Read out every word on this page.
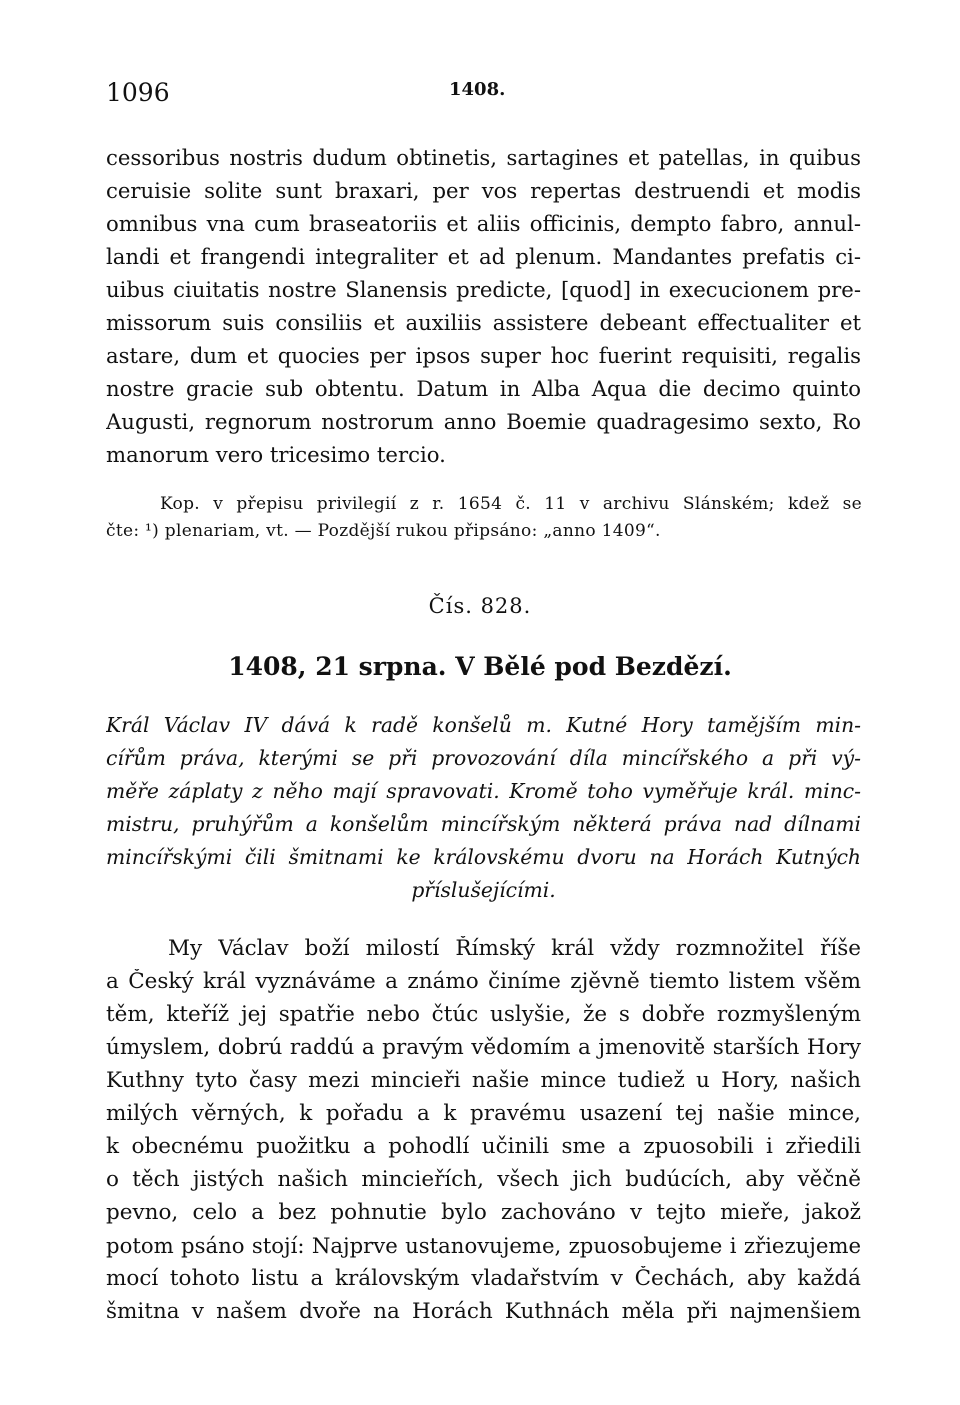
1096	1408.
cessoribus nostris dudum obtinetis, sartagines et patellas, in quibus
ceruisie solite sunt braxari, per vos repertas destruendi et modis
omnibus vna cum braseatoriis et aliis officinis, dempto fabro, annul-
landi et frangendi integraliter et ad plenum. Mandantes prefatis ci-
uibus ciuitatis nostre Slanensis predicte, [quod] in execucionem pre-
missorum suis consiliis et auxiliis assistere debeant effectualiter et
astare, dum et quocies per ipsos super hoc fuerint requisiti, regalis
nostre gracie sub obtentu. Datum in Alba Aqua die decimo quinto
Augusti, regnorum nostrorum anno Boemie quadragesimo sexto, Ro
manorum vero tricesimo tercio.
Kop. v přepisu privilegií z r. 1654 č. 11 v archivu Slánském; kdež se
čte: ¹) plenariam, vt. — Pozdější rukou připsáno: „anno 1409“.
Čís. 828.
1408, 21 srpna. V Bělé pod Bezdězí.
Král Václav IV dává k radě konšelů m. Kutné Hory tamějším min-
cířům práva, kterými se při provozování díla mincířského a při vý-
měře záplaty z něho mají spravovati. Kromě toho vyměřuje král. minc-
mistru, pruhýřům a konšelům mincířským některá práva nad dílnami
mincířskými čili šmitnami ke královskému dvoru na Horách Kutných
příslušejícími.
My Václav boží milostí Římský král vždy rozmnožitel říše
a Český král vyznáváme a známo činíme zjěvně tiemto listem všěm
těm, kteříž jej spatřie nebo čtúc uslyšie, že s dobře rozmyšleným
úmyslem, dobrú raddú a pravým vědomím a jmenovitě starších Hory
Kuthny tyto časy mezi mincieři našie mince tudiež u Hory, našich
milých věrných, k pořadu a k pravému usazení tej našie mince,
k obecnému puožitku a pohodlí učinili sme a zpuosobili i zřiedili
o těch jistých našich mincieřích, všech jich budúcích, aby věčně
pevno, celo a bez pohnutie bylo zachováno v tejto mieře, jakož
potom psáno stojí: Najprve ustanovujeme, zpuosobujeme i zřiezujeme
mocí tohoto listu a královským vladařstvím v Čechách, aby každá
šmitna v našem dvoře na Horách Kuthnách měla při najmenšiem
